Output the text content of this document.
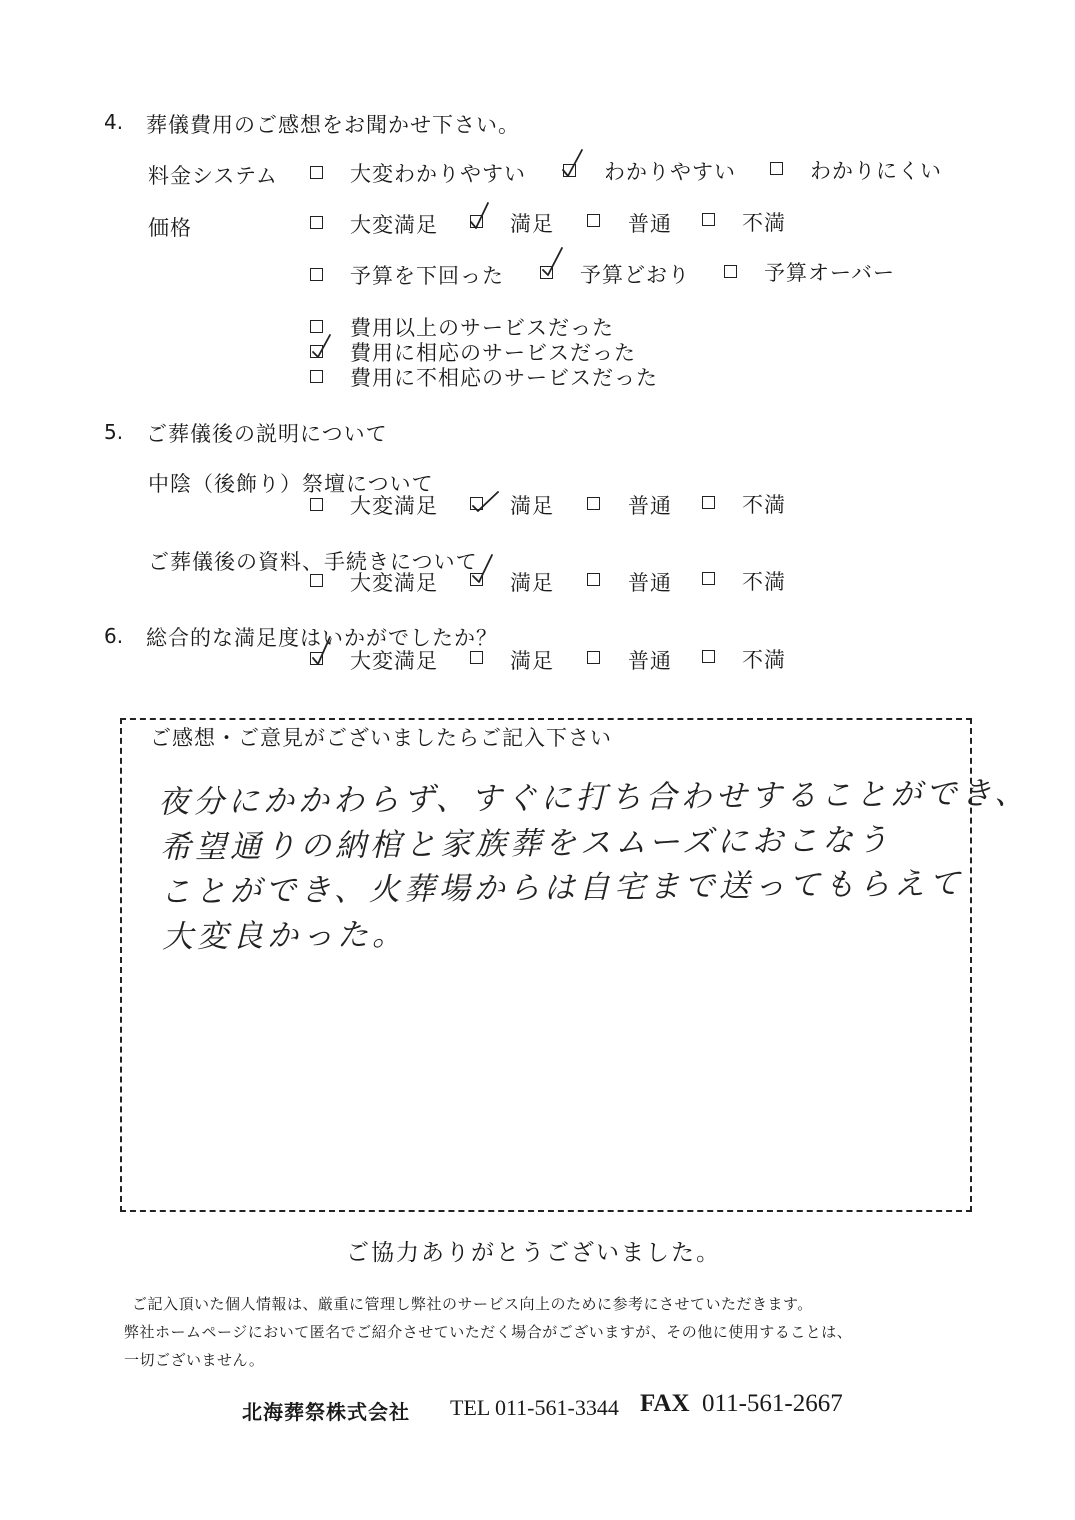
4. 葬儀費用のご感想をお聞かせ下さい。
料金システム	大変わかりやすい	わかりやすい	わかりにくい
価格	大変満足	満足	普通	不満
予算を下回った	予算どおり	予算オーバー
費用以上のサービスだった
費用に相応のサービスだった
費用に不相応のサービスだった
5. ご葬儀後の説明について
中陰（後飾り）祭壇について
大変満足	満足	普通	不満
ご葬儀後の資料、手続きについて
大変満足	満足	普通	不満
6. 総合的な満足度はいかがでしたか？
大変満足	満足	普通	不満
ご感想・ご意見がございましたらご記入下さい
夜分にかかわらず、すぐに打ち合わせすることができ、
希望通りの納棺と家族葬をスムーズにおこなう
ことができ、火葬場からは自宅まで送ってもらえて
大変良かった。
ご協力ありがとうございました。
ご記入頂いた個人情報は、厳重に管理し弊社のサービス向上のために参考にさせていただきます。
弊社ホームページにおいて匿名でご紹介させていただく場合がございますが、その他に使用することは、
一切ございません。
北海葬祭株式会社 TEL 011-561-3344 FAX 011-561-2667
